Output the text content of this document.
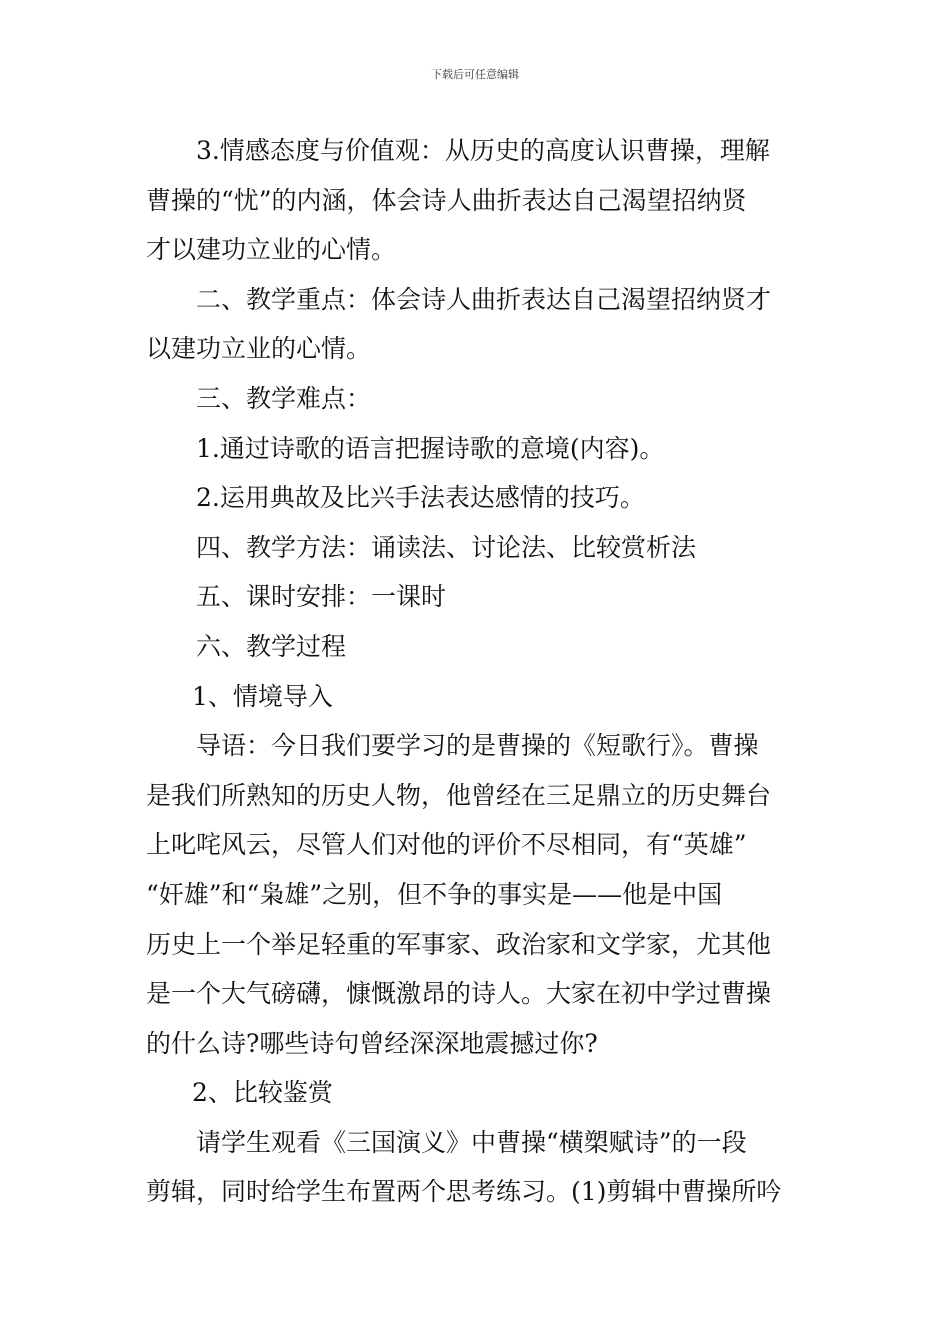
下载后可任意编辑
3.情感态度与价值观：从历史的高度认识曹操，理解
曹操的“忧”的内涵，体会诗人曲折表达自己渴望招纳贤
才以建功立业的心情。
二、教学重点：体会诗人曲折表达自己渴望招纳贤才
以建功立业的心情。
三、教学难点：
1.通过诗歌的语言把握诗歌的意境(内容)。
2.运用典故及比兴手法表达感情的技巧。
四、教学方法：诵读法、讨论法、比较赏析法
五、课时安排：一课时
六、教学过程
1、情境导入
导语：今日我们要学习的是曹操的《短歌行》。曹操
是我们所熟知的历史人物，他曾经在三足鼎立的历史舞台
上叱咤风云，尽管人们对他的评价不尽相同，有“英雄”
“奸雄”和“枭雄”之别，但不争的事实是——他是中国
历史上一个举足轻重的军事家、政治家和文学家，尤其他
是一个大气磅礴，慷慨激昂的诗人。大家在初中学过曹操
的什么诗?哪些诗句曾经深深地震撼过你?
2、比较鉴赏
请学生观看《三国演义》中曹操“横槊赋诗”的一段
剪辑，同时给学生布置两个思考练习。(1)剪辑中曹操所吟
